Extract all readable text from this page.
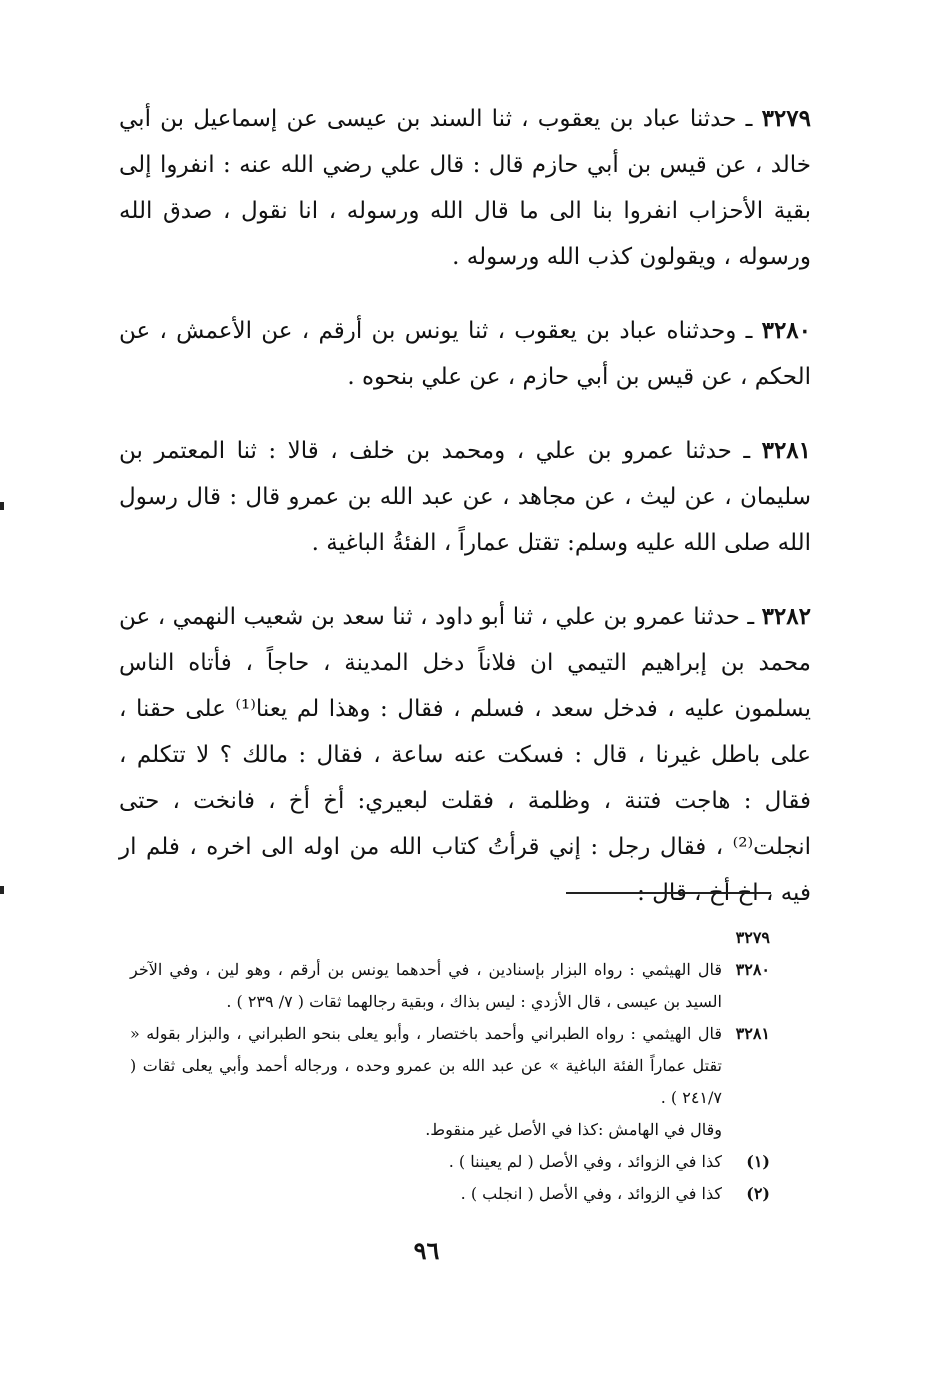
٣٢٧٩ ـ حدثنا عباد بن يعقوب ، ثنا السند بن عيسى عن إسماعيل بن أبي خالد ، عن قيس بن أبي حازم قال : قال علي رضي الله عنه : انفروا إلى بقية الأحزاب انفروا بنا الى ما قال الله ورسوله ، انا نقول ، صدق الله ورسوله ، ويقولون كذب الله ورسوله .

٣٢٨٠ ـ وحدثناه عباد بن يعقوب ، ثنا يونس بن أرقم ، عن الأعمش ، عن الحكم ، عن قيس بن أبي حازم ، عن علي بنحوه .

٣٢٨١ ـ حدثنا عمرو بن علي ، ومحمد بن خلف ، قالا : ثنا المعتمر بن سليمان ، عن ليث ، عن مجاهد ، عن عبد الله بن عمرو قال : قال رسول الله صلى الله عليه وسلم: تقتل عماراً ، الفئةُ الباغية .

٣٢٨٢ ـ حدثنا عمرو بن علي ، ثنا أبو داود ، ثنا سعد بن شعيب النهمي ، عن محمد بن إبراهيم التيمي ان فلاناً دخل المدينة ، حاجاً ، فأتاه الناس يسلمون عليه ، فدخل سعد ، فسلم ، فقال : وهذا لم يعنا⁽¹⁾ على حقنا ، على باطل غيرنا ، قال : فسكت عنه ساعة ، فقال : مالك ؟ لا تتكلم ، فقال : هاجت فتنة ، وظلمة ، فقلت لبعيري: أخ أخ ، فانخت ، حتى انجلت⁽²⁾ ، فقال رجل : إني قرأتُ كتاب الله من اوله الى اخره ، فلم ار فيه ، اخ أخ ، قال :

٣٢٧٩

٣٢٨٠
قال الهيثمي : رواه البزار بإسنادين ، في أحدهما يونس بن أرقم ، وهو لين ، وفي الآخر السيد بن عيسى ، قال الأزدي : ليس بذاك ، وبقية رجالهما ثقات ( ٧/ ٢٣٩ ) .
٣٢٨١
قال الهيثمي : رواه الطبراني وأحمد باختصار ، وأبو يعلى بنحو الطبراني ، والبزار بقوله « تقتل عماراً الفئة الباغية » عن عبد الله بن عمرو وحده ، ورجاله أحمد وأبي يعلى ثقات ( ٢٤١/٧ ) .
وقال في الهامش :كذا في الأصل غير منقوط.
(١)
كذا في الزوائد ، وفي الأصل ( لم يعيننا ) .
(٢)
كذا في الزوائد ، وفي الأصل ( انجلب ) .
٩٦
